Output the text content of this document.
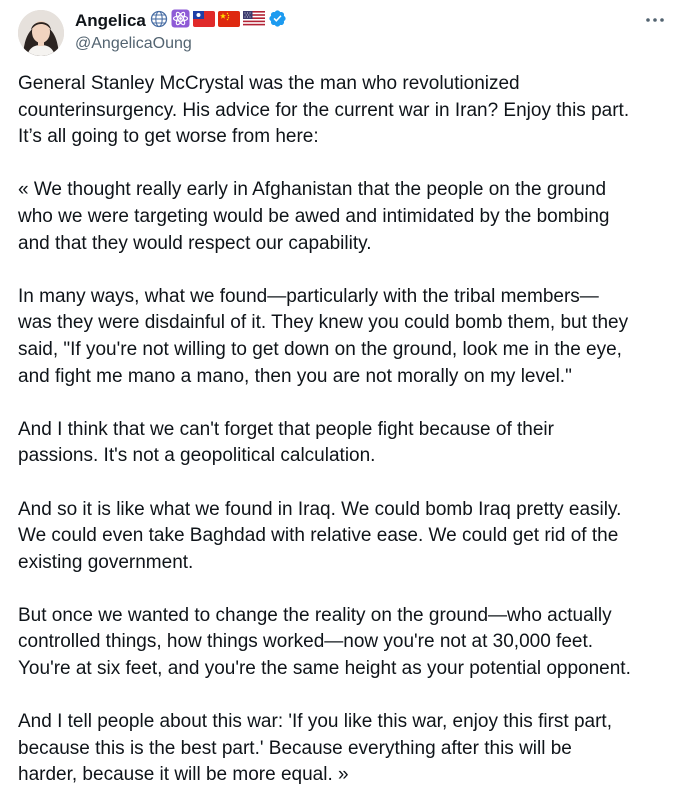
Angelica
@AngelicaOung

General Stanley McCrystal was the man who revolutionized
counterinsurgency. His advice for the current war in Iran? Enjoy this part.
It’s all going to get worse from here:

« We thought really early in Afghanistan that the people on the ground
who we were targeting would be awed and intimidated by the bombing
and that they would respect our capability.

In many ways, what we found—particularly with the tribal members—
was they were disdainful of it. They knew you could bomb them, but they
said, "If you're not willing to get down on the ground, look me in the eye,
and fight me mano a mano, then you are not morally on my level."

And I think that we can't forget that people fight because of their
passions. It's not a geopolitical calculation.

And so it is like what we found in Iraq. We could bomb Iraq pretty easily.
We could even take Baghdad with relative ease. We could get rid of the
existing government.

But once we wanted to change the reality on the ground—who actually
controlled things, how things worked—now you're not at 30,000 feet.
You're at six feet, and you're the same height as your potential opponent.

And I tell people about this war: 'If you like this war, enjoy this first part,
because this is the best part.' Because everything after this will be
harder, because it will be more equal. »
